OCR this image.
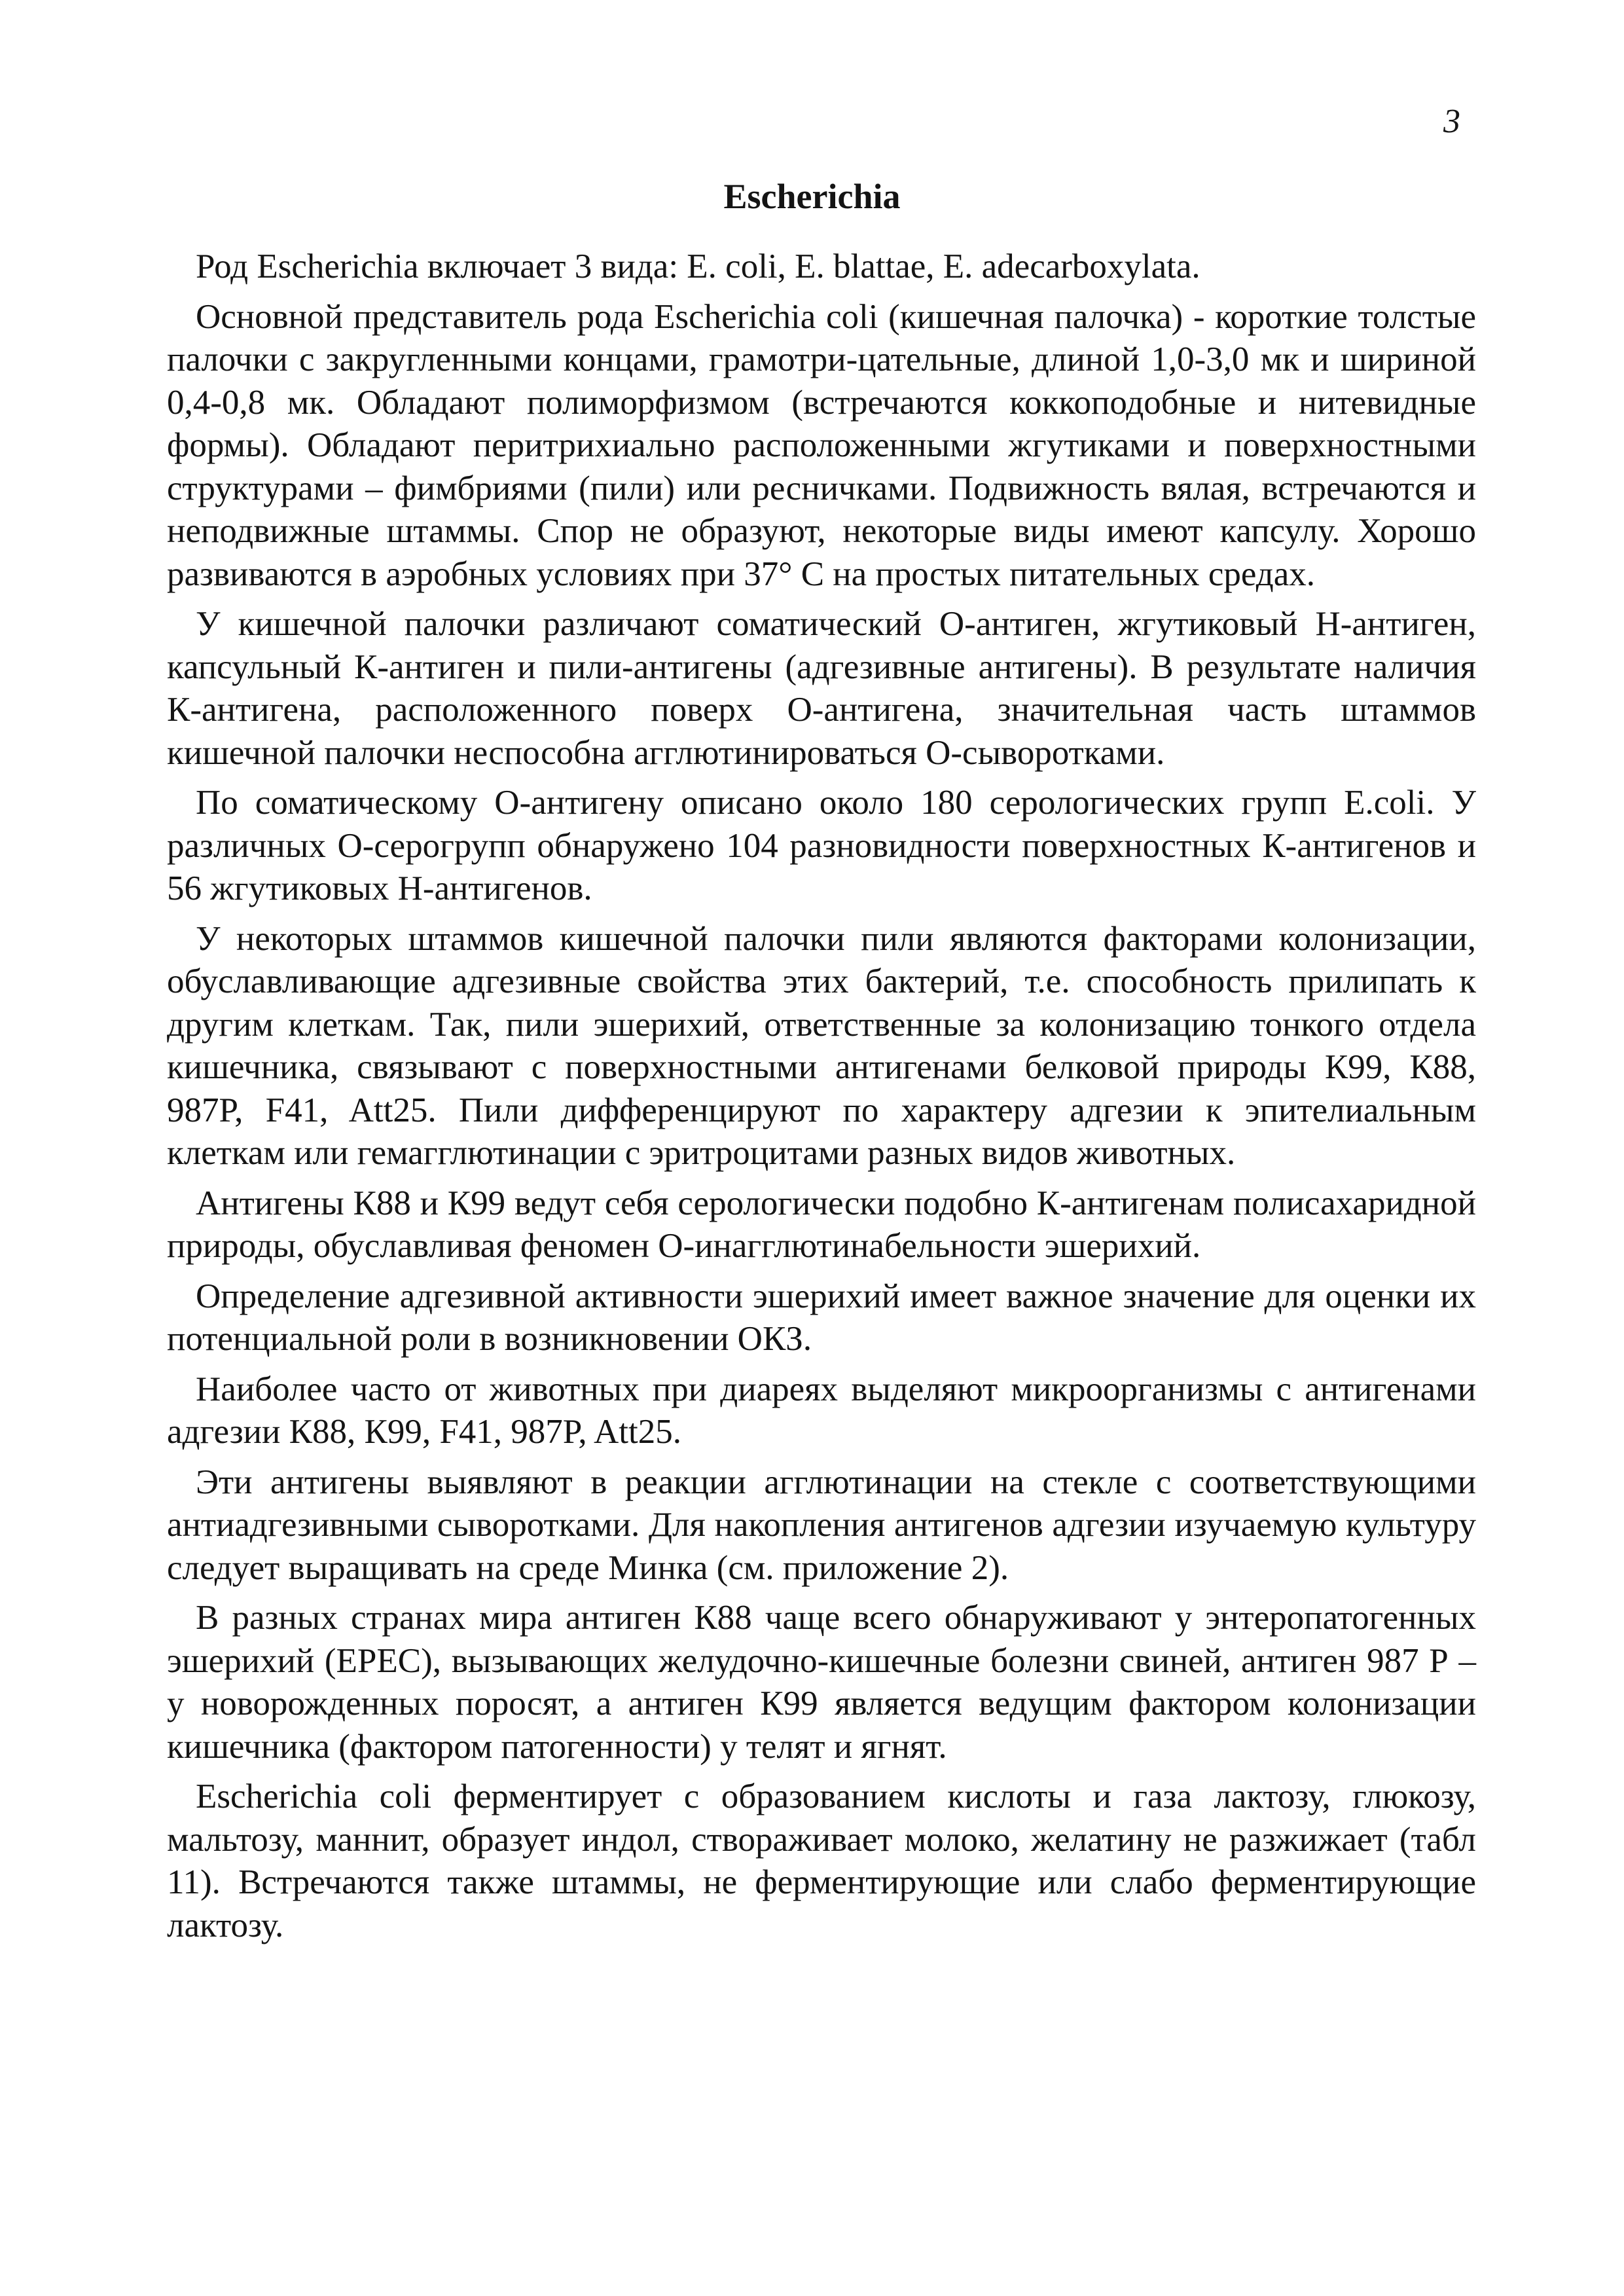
3
Escherichia

Род Escherichia включает 3 вида: E. coli, E. blattae, E. adecarboxylata.

Основной представитель рода Escherichia coli (кишечная палочка) - короткие толстые палочки с закругленными концами, грамотри-цательные, длиной 1,0-3,0 мк и шириной 0,4-0,8 мк. Обладают полиморфизмом (встречаются коккоподобные и нитевидные формы). Обладают перитрихиально расположенными жгутиками и поверхностными структурами – фимбриями (пили) или ресничками. Подвижность вялая, встречаются и неподвижные штаммы. Спор не образуют, некоторые виды имеют капсулу. Хорошо развиваются в аэробных условиях при 37° С на простых питательных средах.

У кишечной палочки различают соматический О-антиген, жгутиковый Н-антиген, капсульный К-антиген и пили-антигены (адгезивные антигены). В результате наличия К-антигена, расположенного поверх О-антигена, значительная часть штаммов кишечной палочки неспособна агглютинироваться О-сыворотками.

По соматическому О-антигену описано около 180 серологических групп E.coli. У различных О-серогрупп обнаружено 104 разновидности поверхностных К-антигенов и 56 жгутиковых Н-антигенов.

У некоторых штаммов кишечной палочки пили являются факторами колонизации, обуславливающие адгезивные свойства этих бактерий, т.е. способность прилипать к другим клеткам. Так, пили эшерихий, ответственные за колонизацию тонкого отдела кишечника, связывают с поверхностными антигенами белковой природы К99, К88, 987P, F41, Att25. Пили дифференцируют по характеру адгезии к эпителиальным клеткам или гемагглютинации с эритроцитами разных видов животных.

Антигены К88 и К99 ведут себя серологически подобно К-антигенам полисахаридной природы, обуславливая феномен О-инагглютинабельности эшерихий.

Определение адгезивной активности эшерихий имеет важное значение для оценки их потенциальной роли в возникновении ОКЗ.

Наиболее часто от животных при диареях выделяют микроорганизмы с антигенами адгезии К88, К99, F41, 987P, Att25.

Эти антигены выявляют в реакции агглютинации на стекле с соответствующими антиадгезивными сыворотками. Для накопления антигенов адгезии изучаемую культуру следует выращивать на среде Минка (см. приложение 2).

В разных странах мира антиген К88 чаще всего обнаруживают у энтеропатогенных эшерихий (ЕРЕС), вызывающих желудочно-кишечные болезни свиней, антиген 987 Р – у новорожденных поросят, а антиген К99 является ведущим фактором колонизации кишечника (фактором патогенности) у телят и ягнят.

Escherichia coli ферментирует с образованием кислоты и газа лактозу, глюкозу, мальтозу, маннит, образует индол, створаживает молоко, желатину не разжижает (табл 11). Встречаются также штаммы, не ферментирующие или слабо ферментирующие лактозу.
